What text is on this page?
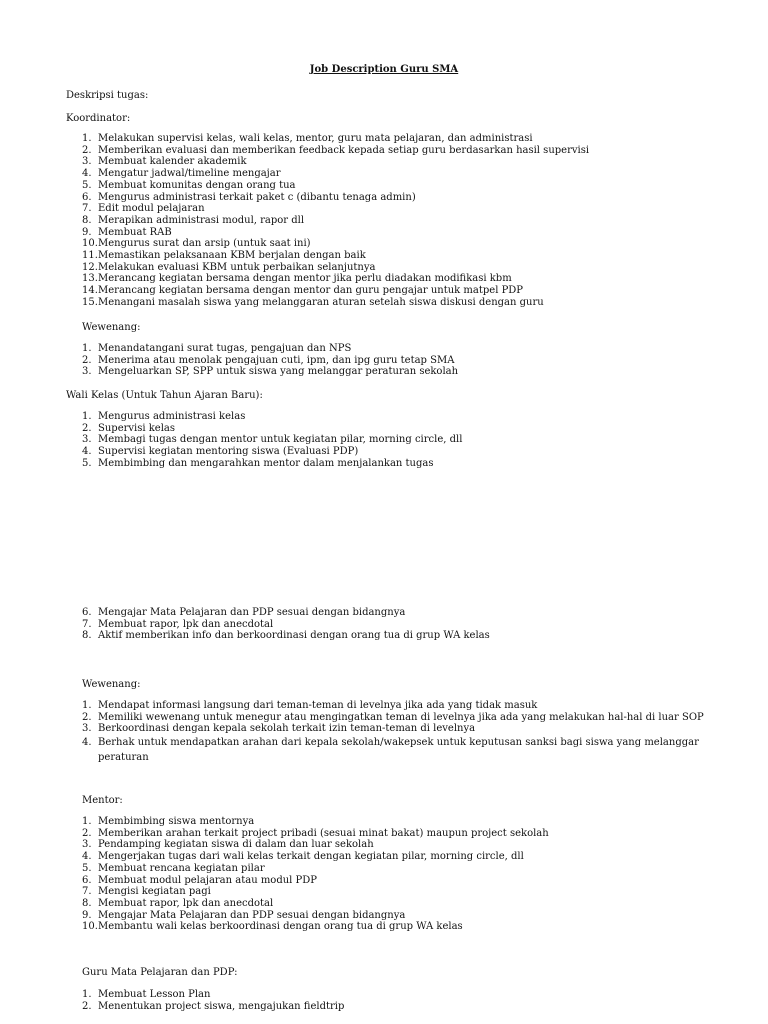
Job Description Guru SMA
Deskripsi tugas:
Koordinator:
1. Melakukan supervisi kelas, wali kelas, mentor, guru mata pelajaran, dan administrasi
2. Memberikan evaluasi dan memberikan feedback kepada setiap guru berdasarkan hasil supervisi
3. Membuat kalender akademik
4. Mengatur jadwal/timeline mengajar
5. Membuat komunitas dengan orang tua
6. Mengurus administrasi terkait paket c (dibantu tenaga admin)
7. Edit modul pelajaran
8. Merapikan administrasi modul, rapor dll
9. Membuat RAB
10. Mengurus surat dan arsip (untuk saat ini)
11. Memastikan pelaksanaan KBM berjalan dengan baik
12. Melakukan evaluasi KBM untuk perbaikan selanjutnya
13. Merancang kegiatan bersama dengan mentor jika perlu diadakan modifikasi kbm
14. Merancang kegiatan bersama dengan mentor dan guru pengajar untuk matpel PDP
15. Menangani masalah siswa yang melanggaran aturan setelah siswa diskusi dengan guru
Wewenang:
1. Menandatangani surat tugas, pengajuan dan NPS
2. Menerima atau menolak pengajuan cuti, ipm, dan ipg guru tetap SMA
3. Mengeluarkan SP, SPP untuk siswa yang melanggar peraturan sekolah
Wali Kelas (Untuk Tahun Ajaran Baru):
1. Mengurus administrasi kelas
2. Supervisi kelas
3. Membagi tugas dengan mentor untuk kegiatan pilar, morning circle, dll
4. Supervisi kegiatan mentoring siswa (Evaluasi PDP)
5. Membimbing dan mengarahkan mentor dalam menjalankan tugas
6. Mengajar Mata Pelajaran dan PDP sesuai dengan bidangnya
7. Membuat rapor, lpk dan anecdotal
8. Aktif memberikan info dan berkoordinasi dengan orang tua di grup WA kelas
Wewenang:
1. Mendapat informasi langsung dari teman-teman di levelnya jika ada yang tidak masuk
2. Memiliki wewenang untuk menegur atau mengingatkan teman di levelnya jika ada yang melakukan hal-hal di luar SOP
3. Berkoordinasi dengan kepala sekolah terkait izin teman-teman di levelnya
4. Berhak untuk mendapatkan arahan dari kepala sekolah/wakepsek untuk keputusan sanksi bagi siswa yang melanggar peraturan
Mentor:
1. Membimbing siswa mentornya
2. Memberikan arahan terkait project pribadi (sesuai minat bakat) maupun project sekolah
3. Pendamping kegiatan siswa di dalam dan luar sekolah
4. Mengerjakan tugas dari wali kelas terkait dengan kegiatan pilar, morning circle, dll
5. Membuat rencana kegiatan pilar
6. Membuat modul pelajaran atau modul PDP
7. Mengisi kegiatan pagi
8. Membuat rapor, lpk dan anecdotal
9. Mengajar Mata Pelajaran dan PDP sesuai dengan bidangnya
10. Membantu wali kelas berkoordinasi dengan orang tua di grup WA kelas
Guru Mata Pelajaran dan PDP:
1. Membuat Lesson Plan
2. Menentukan project siswa, mengajukan fieldtrip
